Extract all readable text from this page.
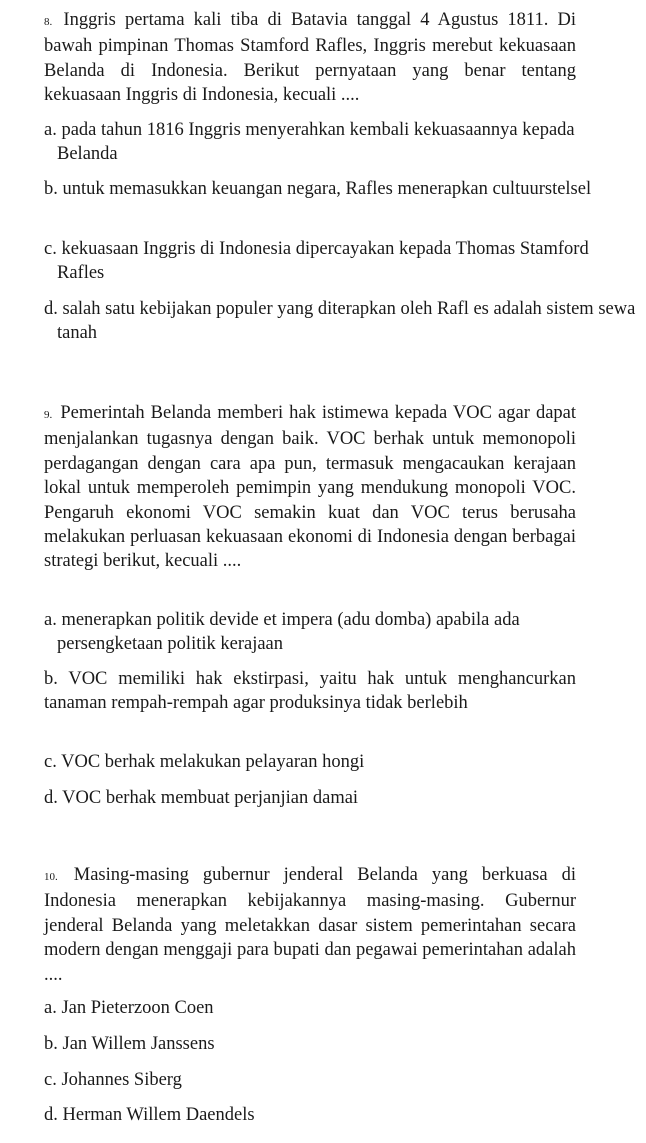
8. Inggris pertama kali tiba di Batavia tanggal 4 Agustus 1811. Di bawah pimpinan Thomas Stamford Rafles, Inggris merebut kekuasaan Belanda di Indonesia. Berikut pernyataan yang benar tentang kekuasaan Inggris di Indonesia, kecuali ....

a. pada tahun 1816 Inggris menyerahkan kembali kekuasaannya kepada Belanda

b. untuk memasukkan keuangan negara, Rafles menerapkan cultuurstelsel

c. kekuasaan Inggris di Indonesia dipercayakan kepada Thomas Stamford Rafles

d. salah satu kebijakan populer yang diterapkan oleh Rafl es adalah sistem sewa tanah

9. Pemerintah Belanda memberi hak istimewa kepada VOC agar dapat menjalankan tugasnya dengan baik. VOC berhak untuk memonopoli perdagangan dengan cara apa pun, termasuk mengacaukan kerajaan lokal untuk memperoleh pemimpin yang mendukung monopoli VOC. Pengaruh ekonomi VOC semakin kuat dan VOC terus berusaha melakukan perluasan kekuasaan ekonomi di Indonesia dengan berbagai strategi berikut, kecuali ....

a. menerapkan politik devide et impera (adu domba) apabila ada persengketaan politik kerajaan

b. VOC memiliki hak ekstirpasi, yaitu hak untuk menghancurkan tanaman rempah-rempah agar produksinya tidak berlebih

c. VOC berhak melakukan pelayaran hongi

d. VOC berhak membuat perjanjian damai

10. Masing-masing gubernur jenderal Belanda yang berkuasa di Indonesia menerapkan kebijakannya masing-masing. Gubernur jenderal Belanda yang meletakkan dasar sistem pemerintahan secara modern dengan menggaji para bupati dan pegawai pemerintahan adalah ....

a. Jan Pieterzoon Coen

b. Jan Willem Janssens

c. Johannes Siberg

d. Herman Willem Daendels
